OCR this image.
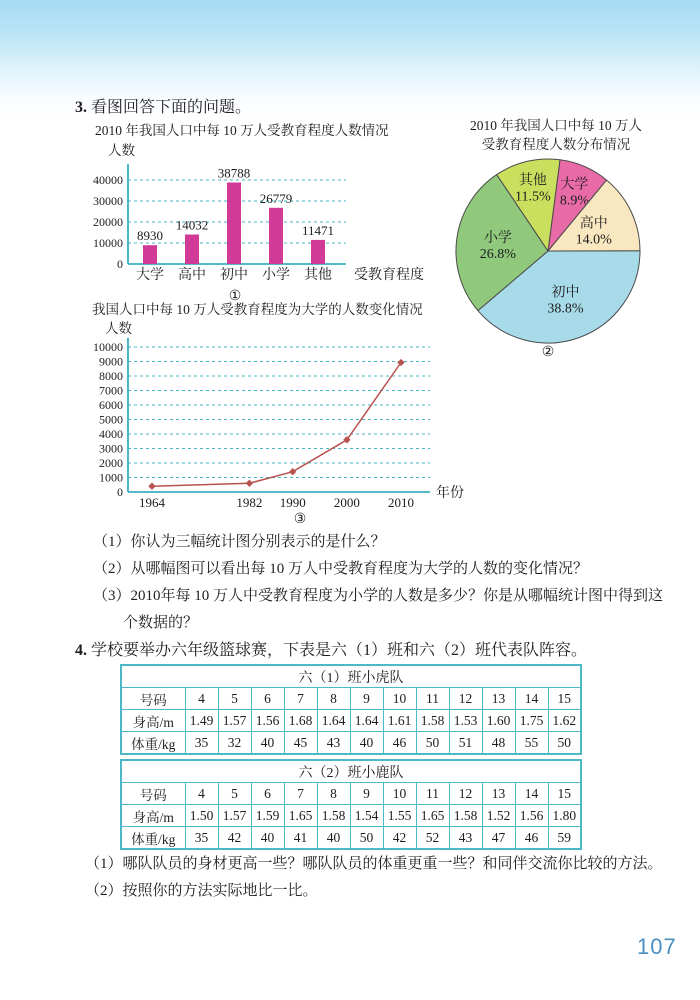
3. 看图回答下面的问题。
2010 年我国人口中每 10 万人受教育程度人数情况
人数
0
10000
20000
30000
40000
8930
大学
14032
高中
38788
初中
26779
小学
11471
其他 受教育程度
①
2010 年我国人口中每 10 万人
受教育程度人数分布情况
大学
8.9%
高中
14.0%
初中
38.8%
小学
26.8%
其他
11.5%
②
我国人口中每 10 万人受教育程度为大学的人数变化情况
人数
0
1000
2000
3000
4000
5000
6000
7000
8000
9000
10000
1964	1982 1990 2000 2010
年份
③
（1）你认为三幅统计图分别表示的是什么？
（2）从哪幅图可以看出每 10 万人中受教育程度为大学的人数的变化情况？
（3）2010年每 10 万人中受教育程度为小学的人数是多少？你是从哪幅统计图中得到这个数据的？
4. 学校要举办六年级篮球赛，下表是六（1）班和六（2）班代表队阵容。
六（1）班小虎队												
号码	4	5	6	7	8	9	10	11	12	13	14	15
身高/m	1.49	1.57	1.56	1.68	1.64	1.64	1.61	1.58	1.53	1.60	1.75	1.62
体重/kg	35	32	40	45	43	40	46	50	51	48	55	50
六（2）班小鹿队												
号码	4	5	6	7	8	9	10	11	12	13	14	15
身高/m	1.50	1.57	1.59	1.65	1.58	1.54	1.55	1.65	1.58	1.52	1.56	1.80
体重/kg	35	42	40	41	40	50	42	52	43	47	46	59
（1）哪队队员的身材更高一些？哪队队员的体重更重一些？和同伴交流你比较的方法。
（2）按照你的方法实际地比一比。
107
